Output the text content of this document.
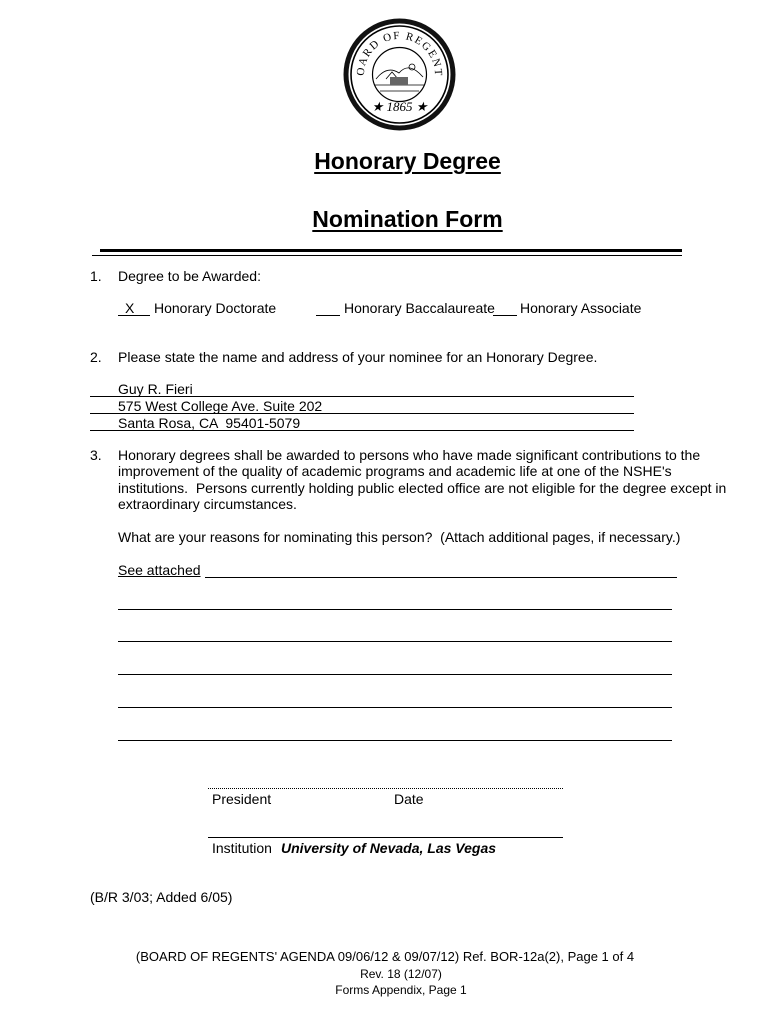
OARD OF REGENT
★ 1865 ★
Honorary Degree
Nomination Form
1. Degree to be Awarded:
X Honorary Doctorate	Honorary Baccalaureate Honorary Associate
2. Please state the name and address of your nominee for an Honorary Degree.
Guy R. Fieri
575 West College Ave. Suite 202
Santa Rosa, CA  95401-5079
3. Honorary degrees shall be awarded to persons who have made significant contributions to the
improvement of the quality of academic programs and academic life at one of the NSHE's
institutions.  Persons currently holding public elected office are not eligible for the degree except in
extraordinary circumstances.
What are your reasons for nominating this person?  (Attach additional pages, if necessary.)
See attached
President	Date
Institution University of Nevada, Las Vegas
(B/R 3/03; Added 6/05)
(BOARD OF REGENTS' AGENDA 09/06/12 & 09/07/12) Ref. BOR-12a(2), Page 1 of 4
Rev. 18 (12/07)
Forms Appendix, Page 1
